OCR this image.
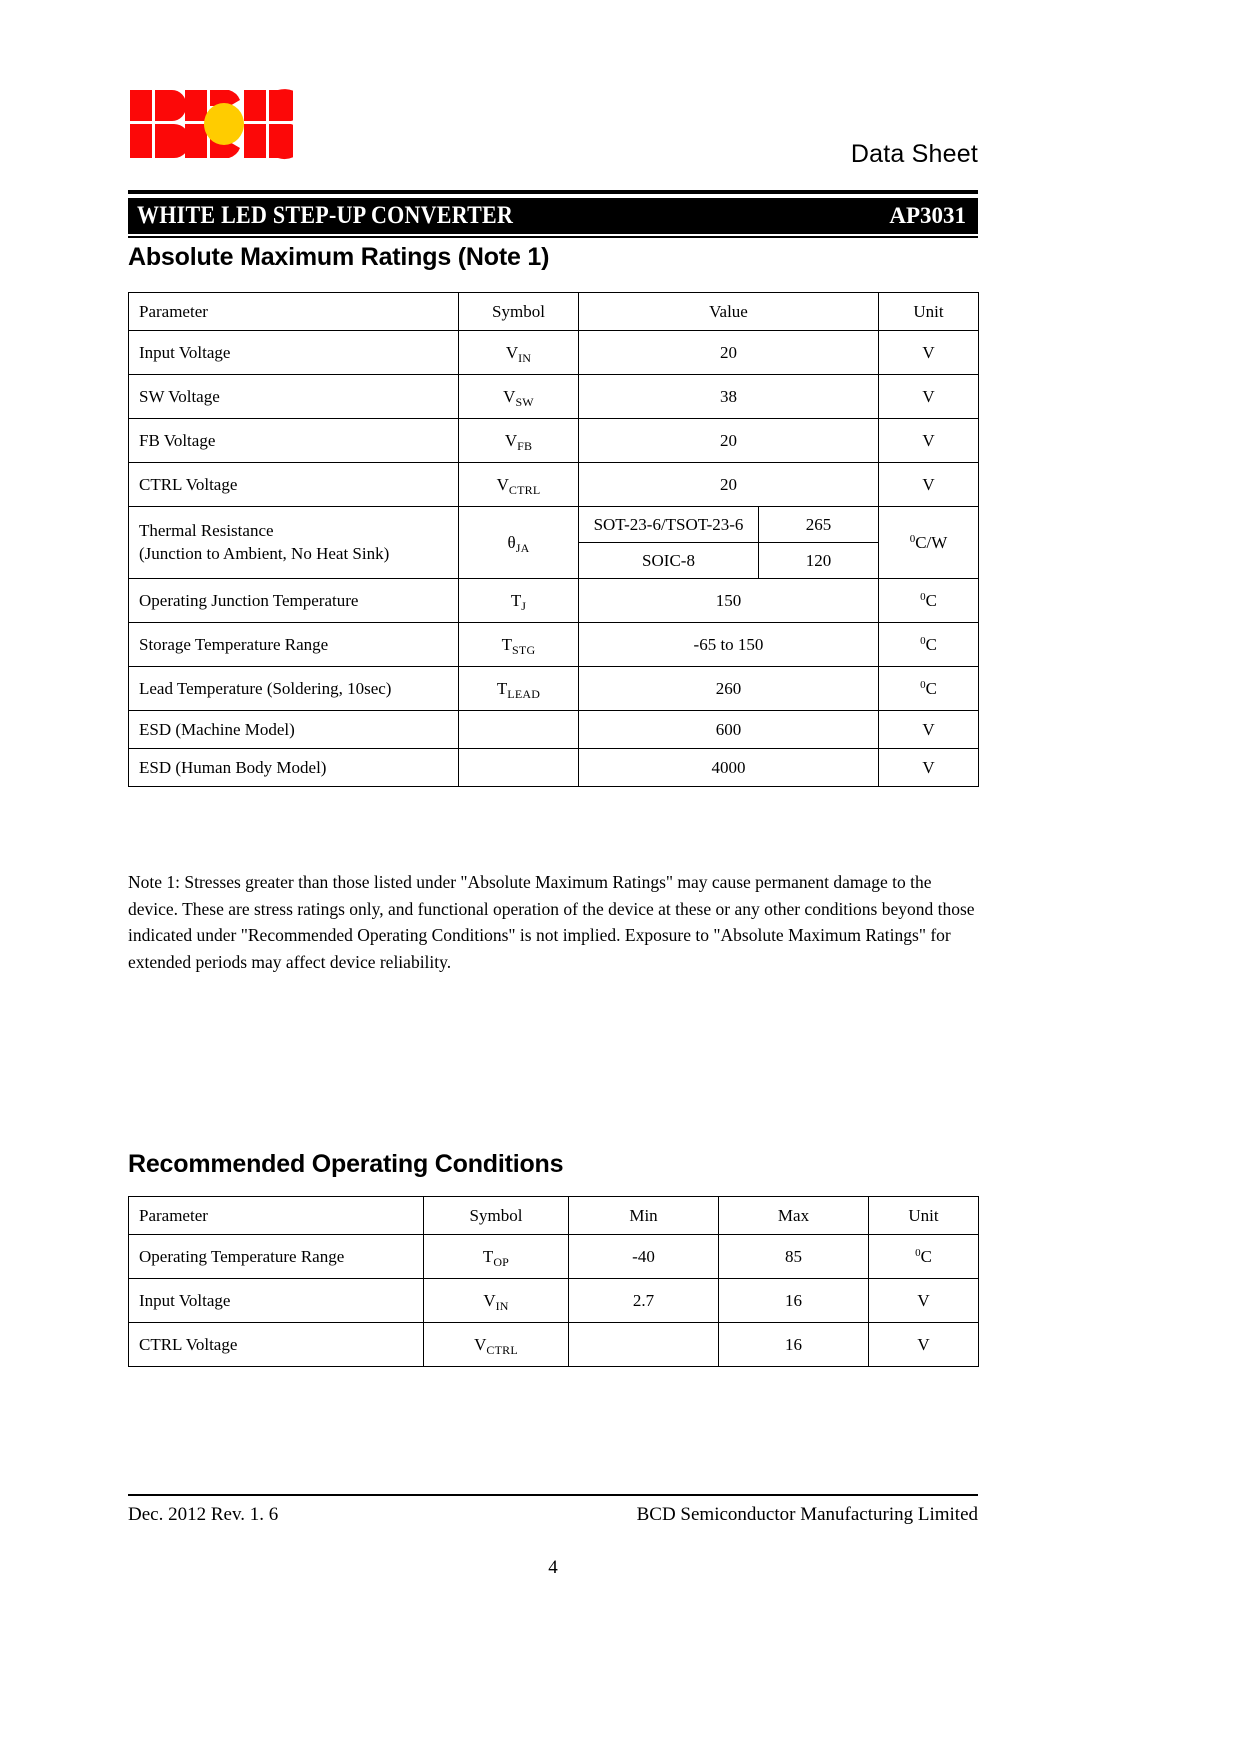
Data Sheet
WHITE LED STEP-UP CONVERTER	AP3031
Absolute Maximum Ratings (Note 1)
Parameter	Symbol	Value		Unit
Input Voltage	$V_{IN}$	20		V
SW Voltage	$V_{SW}$	38		V
FB Voltage	$V_{FB}$	20		V
CTRL Voltage	$V_{CTRL}$	20		V

Thermal Resistance
(Junction to Ambient, No Heat Sink)	$\theta_{JA}$	SOT-23-6/TSOT-23-6	265	$^0$C/W
		SOIC-8	120	
Operating Junction Temperature	$T_J$	150		$^0$C
Storage Temperature Range	$T_{STG}$	-65 to 150		$^0$C
Lead Temperature (Soldering, 10sec)	$T_{LEAD}$	260		$^0$C
ESD (Machine Model)		600		V
ESD (Human Body Model)		4000		V
Note 1: Stresses greater than those listed under "Absolute Maximum Ratings" may cause permanent damage to the device. These are stress ratings only, and functional operation of the device at these or any other conditions beyond those indicated under "Recommended Operating Conditions" is not implied. Exposure to "Absolute Maximum Ratings" for extended periods may affect device reliability.
Recommended Operating Conditions
Parameter	Symbol	Min	Max	Unit
Operating Temperature Range	$T_{OP}$	-40	85	$^0$C
Input Voltage	$V_{IN}$	2.7	16	V
CTRL Voltage	$V_{CTRL}$		16	V
Dec. 2012 Rev. 1. 6	BCD Semiconductor Manufacturing Limited
4
